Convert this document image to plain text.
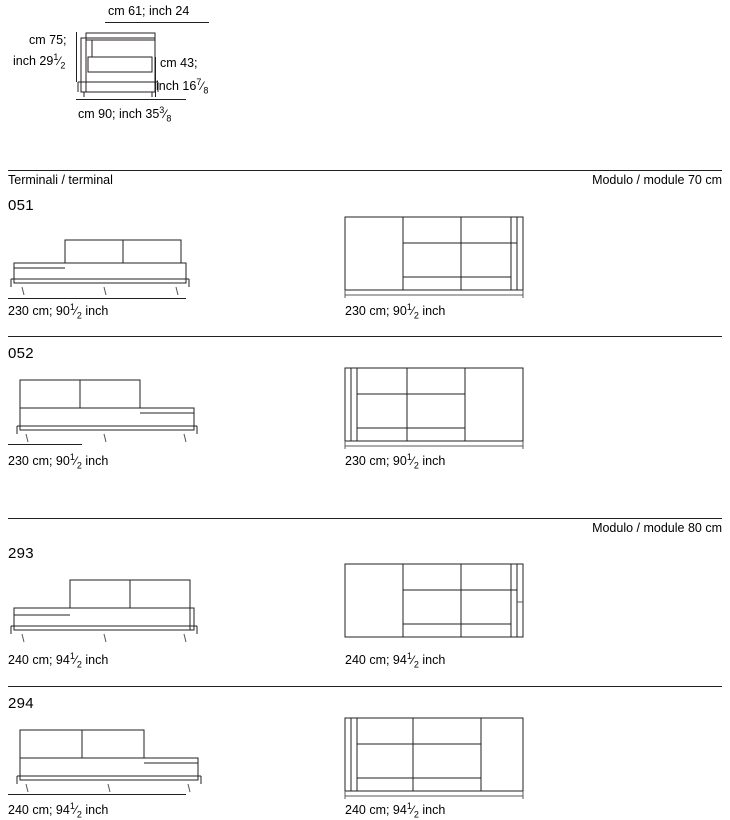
cm 61; inch 24
cm 75;
inch $29^1⁄_2$	cm 43;
inch $16^7⁄_8$
cm 90; inch $35^3⁄_8$
Terminali / terminal	Modulo / module 70 cm
051
230 cm; $90^1⁄_2$ inch	230 cm; $90^1⁄_2$ inch
052
230 cm; $90^1⁄_2$ inch	230 cm; $90^1⁄_2$ inch
Modulo / module 80 cm
293
240 cm; $94^1⁄_2$ inch	240 cm; $94^1⁄_2$ inch
294
240 cm; $94^1⁄_2$ inch	240 cm; $94^1⁄_2$ inch
